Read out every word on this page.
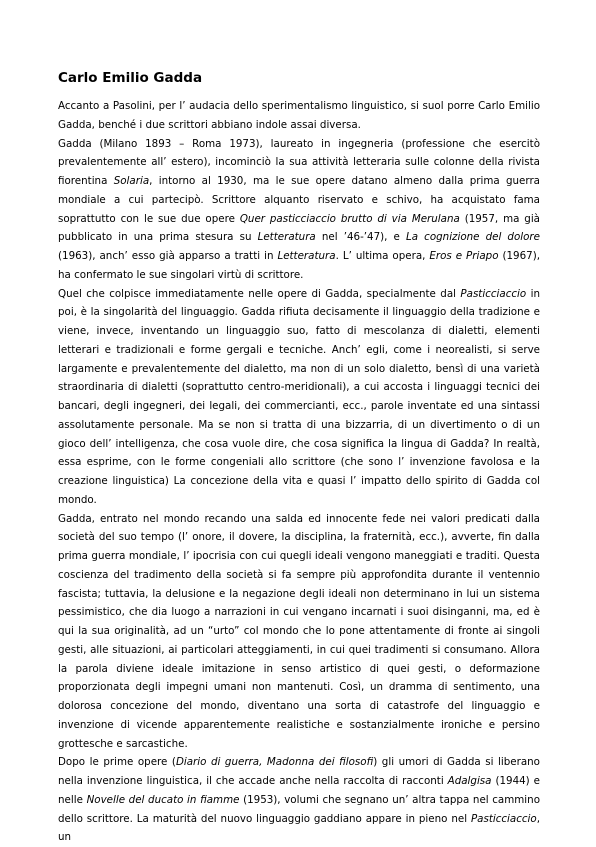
Carlo Emilio Gadda

Accanto a Pasolini, per l’ audacia dello sperimentalismo linguistico, si suol porre Carlo Emilio Gadda, benché i due scrittori abbiano indole assai diversa.

Gadda (Milano 1893 – Roma 1973), laureato in ingegneria (professione che esercitò prevalentemente all’ estero), incominciò la sua attività letteraria sulle colonne della rivista fiorentina Solaria, intorno al 1930, ma le sue opere datano almeno dalla prima guerra mondiale a cui partecipò. Scrittore alquanto riservato e schivo, ha acquistato fama soprattutto con le sue due opere Quer pasticciaccio brutto di via Merulana (1957, ma già pubblicato in una prima stesura su Letteratura nel ’46-’47), e La cognizione del dolore (1963), anch’ esso già apparso a tratti in Letteratura. L’ ultima opera, Eros e Priapo (1967), ha confermato le sue singolari virtù di scrittore.

Quel che colpisce immediatamente nelle opere di Gadda, specialmente dal Pasticciaccio in poi, è la singolarità del linguaggio. Gadda rifiuta decisamente il linguaggio della tradizione e viene, invece, inventando un linguaggio suo, fatto di mescolanza di dialetti, elementi letterari e tradizionali e forme gergali e tecniche. Anch’ egli, come i neorealisti, si serve largamente e prevalentemente del dialetto, ma non di un solo dialetto, bensì di una varietà straordinaria di dialetti (soprattutto centro-meridionali), a cui accosta i linguaggi tecnici dei bancari, degli ingegneri, dei legali, dei commercianti, ecc., parole inventate ed una sintassi assolutamente personale. Ma se non si tratta di una bizzarria, di un divertimento o di un gioco dell’ intelligenza, che cosa vuole dire, che cosa significa la lingua di Gadda? In realtà, essa esprime, con le forme congeniali allo scrittore (che sono l’ invenzione favolosa e la creazione linguistica) La concezione della vita e quasi l’ impatto dello spirito di Gadda col mondo.

Gadda, entrato nel mondo recando una salda ed innocente fede nei valori predicati dalla società del suo tempo (l’ onore, il dovere, la disciplina, la fraternità, ecc.), avverte, fin dalla prima guerra mondiale, l’ ipocrisia con cui quegli ideali vengono maneggiati e traditi. Questa coscienza del tradimento della società si fa sempre più approfondita durante il ventennio fascista; tuttavia, la delusione e la negazione degli ideali non determinano in lui un sistema pessimistico, che dia luogo a narrazioni in cui vengano incarnati i suoi disinganni, ma, ed è qui la sua originalità, ad un “urto” col mondo che lo pone attentamente di fronte ai singoli gesti, alle situazioni, ai particolari atteggiamenti, in cui quei tradimenti si consumano. Allora la parola diviene ideale imitazione in senso artistico di quei gesti, o deformazione proporzionata degli impegni umani non mantenuti. Così, un dramma di sentimento, una dolorosa concezione del mondo, diventano una sorta di catastrofe del linguaggio e invenzione di vicende apparentemente realistiche e sostanzialmente ironiche e persino grottesche e sarcastiche.

Dopo le prime opere (Diario di guerra, Madonna dei filosofi) gli umori di Gadda si liberano nella invenzione linguistica, il che accade anche nella raccolta di racconti Adalgisa (1944) e nelle Novelle del ducato in fiamme (1953), volumi che segnano un’ altra tappa nel cammino dello scrittore. La maturità del nuovo linguaggio gaddiano appare in pieno nel Pasticciaccio, un
